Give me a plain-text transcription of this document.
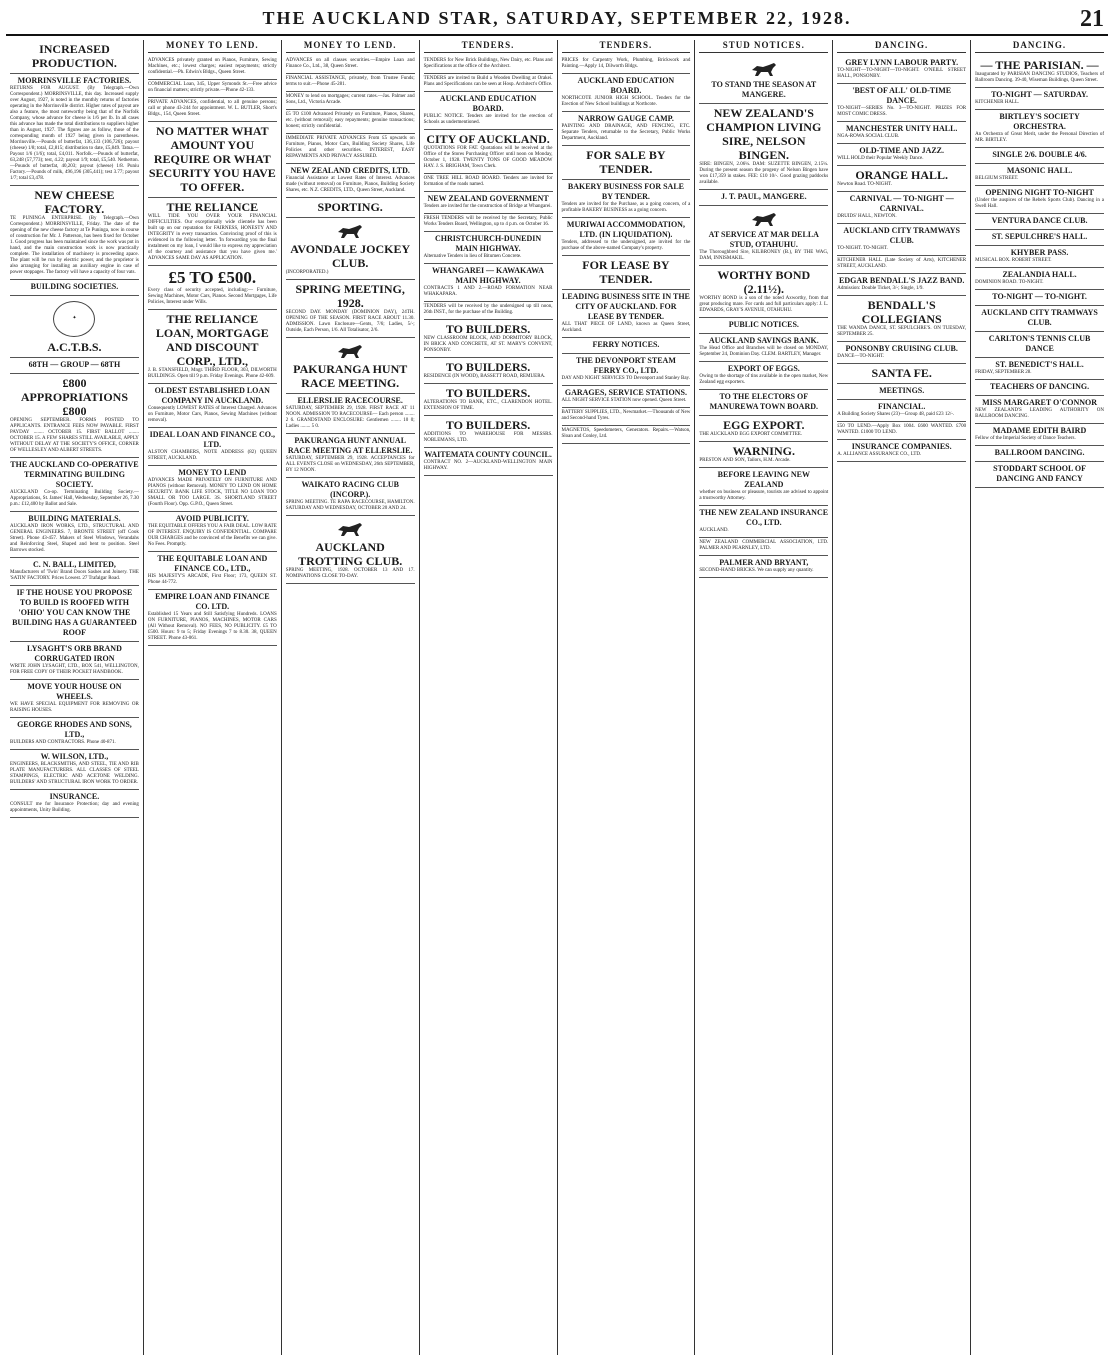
THE AUCKLAND STAR, SATURDAY, SEPTEMBER 22, 1928.	21
INCREASED PRODUCTION.
MORRINSVILLE FACTORIES.
RETURNS FOR AUGUST. (By Telegraph.—Own Correspondent.) MORRINSVILLE, this day. Increased supply over August, 1927, is noted in the monthly returns of factories operating in the Morrinsville district. Higher rates of payout are also a feature, the most noteworthy being that of the Norfolk Company, whose advance for cheese is 1/6 per lb. In all cases this advance has made the total distributions to suppliers higher than in August, 1927. The figures are as follow, those of the corresponding month of 1927 being given in parentheses. Morrinsville.—Pounds of butterfat, 136,133 (106,726); payout (cheese) 1/8; total, £2,815; distribution to date, £5,849. Tatua.—Payout 1/6 (1/6); total, £4,011. Norfolk.—Pounds of butterfat, 63,248 (57,773); test, 4.22; payout 1/9; total, £5,540. Netherton.—Pounds of butterfat, 40,203; payout (cheese) 1/8. Puniu Factory.—Pounds of milk, 496,196 (305,441); test 3.77; payout 1/7; total £3,478.
NEW CHEESE FACTORY.
TE PUNINGA ENTERPRISE. (By Telegraph.—Own Correspondent.) MORRINSVILLE, Friday. The date of the opening of the new cheese factory at Te Puninga, now in course of construction for Mr. J. Patterson, has been fixed for October 1. Good progress has been maintained since the work was put in hand, and the main construction work is now practically complete. The installation of machinery is proceeding apace. The plant will be run by electric power, and the proprietor is also arranging for installing an auxiliary engine in case of power stoppages. The factory will have a capacity of four vats.
BUILDING SOCIETIES.
✦
A.C.T.B.S.
68TH — GROUP — 68TH
£800 APPROPRIATIONS £800
OPENING SEPTEMBER. FORMS POSTED TO APPLICANTS. ENTRANCE FEES NOW PAYABLE. FIRST PAYDAY ........ OCTOBER 15. FIRST BALLOT ........ OCTOBER 15. A FEW SHARES STILL AVAILABLE, APPLY WITHOUT DELAY AT THE SOCIETY'S OFFICE, CORNER OF WELLESLEY AND ALBERT STREETS.
THE AUCKLAND CO-OPERATIVE TERMINATING BUILDING SOCIETY.
AUCKLAND Co-op. Terminating Building Society.—Appropriations, St. James' Hall, Wednesday, September 26, 7.30 p.m.: £12,400 by Ballot and Sale.
BUILDING MATERIALS.
AUCKLAND IRON WORKS, LTD., STRUCTURAL AND GENERAL ENGINEERS. 7, BRONTE STREET (off Cook Street). Phone 43-457. Makers of Steel Windows, Verandahs and Reinforcing Steel, Shaped and bent to position. Steel Barrows stocked.
C. N. BALL, LIMITED,
Manufacturers of 'Twin' Brand Doors Sashes and Joinery. THE 'SATIN' FACTORY. Prices Lowest. 27 Trafalgar Road.
IF THE HOUSE YOU PROPOSE TO BUILD IS ROOFED WITH 'OHIO' YOU CAN KNOW THE BUILDING HAS A GUARANTEED ROOF
LYSAGHT'S ORB BRAND CORRUGATED IRON
WRITE JOHN LYSAGHT, LTD., BOX 541, WELLINGTON, FOR FREE COPY OF THEIR POCKET HANDBOOK.
MOVE YOUR HOUSE ON WHEELS.
WE HAVE SPECIAL EQUIPMENT FOR REMOVING OR RAISING HOUSES.
GEORGE RHODES AND SONS, LTD.,
BUILDERS AND CONTRACTORS. Phone 40-871.
W. WILSON, LTD.,
ENGINEERS, BLACKSMITHS, AND STEEL, TIE AND RIB PLATE MANUFACTURERS. ALL CLASSES OF STEEL STAMPINGS, ELECTRIC AND ACETONE WELDING. BUILDERS' AND STRUCTURAL IRON WORK TO ORDER.
INSURANCE.
CONSULT me for Insurance Protection; day and evening appointments, Unity Building.
MONEY TO LEND.
ADVANCES privately granted on Pianos, Furniture, Sewing Machines, etc.; lowest charges; easiest repayments; strictly confidential.—Ph. Edwin's Bldgs., Queen Street.
COMMERCIAL Loan, 345, Upper Symonds St.—Free advice on financial matters; strictly private.—Phone 42-133.
PRIVATE ADVANCES, confidential, to all genuine persons; call or phone 43-244 for appointment. W. L. BUTLER, Short's Bldgs., 154, Queen Street.
NO MATTER WHAT AMOUNT YOU REQUIRE OR WHAT SECURITY YOU HAVE TO OFFER.
THE RELIANCE
WILL TIDE YOU OVER YOUR FINANCIAL DIFFICULTIES. Our exceptionally wide clientele has been built up on our reputation for FAIRNESS, HONESTY AND INTEGRITY in every transaction. Convincing proof of this is evidenced in the following letter. 'In forwarding you the final instalment on my loan, I would like to express my appreciation of the courtesy and assistance that you have given me.' ADVANCES SAME DAY AS APPLICATION.
£5 TO £500.
Every class of security accepted, including:— Furniture, Sewing Machines, Motor Cars, Pianos. Second Mortgages, Life Policies, Interest under Wills.
THE RELIANCE LOAN, MORTGAGE AND DISCOUNT CORP., LTD.,
J. B. STANSFIELD, Mngr. THIRD FLOOR, 303, DILWORTH BUILDINGS. Open till 9 p.m. Friday Evenings. Phone 42-609.
OLDEST ESTABLISHED LOAN COMPANY IN AUCKLAND.
Consequently LOWEST RATES of Interest Charged. Advances on Furniture, Motor Cars, Pianos, Sewing Machines (without removal).
IDEAL LOAN AND FINANCE CO., LTD.
ALSTON CHAMBERS, NOTE ADDRESS (82) QUEEN STREET, AUCKLAND.
MONEY TO LEND
ADVANCES MADE PRIVATELY ON FURNITURE AND PIANOS (without Removal). MONEY TO LEND ON HOME SECURITY. BANK LIFE STOCK, TITLE NO LOAN TOO SMALL OR TOO LARGE. 3S. SHORTLAND STREET (Fourth Floor). Opp. G.P.O., Queen Street.
AVOID PUBLICITY.
THE EQUITABLE OFFERS YOU A FAIR DEAL. LOW RATE OF INTEREST. ENQUIRY IS CONFIDENTIAL. COMPARE OUR CHARGES and be convinced of the Benefits we can give. No Fees. Promptly.
THE EQUITABLE LOAN AND FINANCE CO., LTD.,
HIS MAJESTY'S ARCADE, First Floor; 173, QUEEN ST. Phone 44-772.
EMPIRE LOAN AND FINANCE CO. LTD.
Established 15 Years and Still Satisfying Hundreds. LOANS ON FURNITURE, PIANOS, MACHINES, MOTOR CARS (All Without Removal). NO FEES, NO PUBLICITY. £5 TO £500. Hours: 9 to 5; Friday Evenings 7 to 8.30. 38, QUEEN STREET. Phone 43-061.
MONEY TO LEND.
ADVANCES on all classes securities.—Empire Loan and Finance Co., Ltd., 38, Queen Street.
FINANCIAL ASSISTANCE, privately, from Trustee Funds; terms to suit.—Phone 45-281.
MONEY to lend on mortgages; current rates.—Jas. Palmer and Sons, Ltd., Victoria Arcade.
£5 TO £100 Advanced Privately on Furniture, Pianos, Shares, etc. (without removal); easy repayments; genuine transactions; honest; strictly confidential.
IMMEDIATE PRIVATE ADVANCES From £5 upwards on Furniture, Pianos, Motor Cars, Building Society Shares, Life Policies and other securities. INTEREST, EASY REPAYMENTS AND PRIVACY ASSURED.
NEW ZEALAND CREDITS, LTD.
Financial Assistance at Lowest Rates of Interest. Advances made (without removal) on Furniture, Pianos, Building Society Shares, etc. N.Z. CREDITS, LTD., Queen Street, Auckland.
SPORTING.
AVONDALE JOCKEY CLUB.
(INCORPORATED.)
SPRING MEETING, 1928.
SECOND DAY. MONDAY (DOMINION DAY), 24TH. OPENING OF THE SEASON. FIRST RACE ABOUT 11.30. ADMISSION. Lawn Enclosure—Gents, 7/6; Ladies, 5/-; Outside, Each Person, 1/6. All Totalisator, 2/6.
PAKURANGA HUNT RACE MEETING.
ELLERSLIE RACECOURSE.
SATURDAY, SEPTEMBER 29, 1928. FIRST RACE AT 11 NOON. ADMISSION TO RACECOURSE— Each person ........ 2 6. GRANDSTAND ENCLOSURE: Gentlemen ........ 10 0; Ladies ........ 5 0.
PAKURANGA HUNT ANNUAL RACE MEETING AT ELLERSLIE.
SATURDAY, SEPTEMBER 29, 1928. ACCEPTANCES for ALL EVENTS CLOSE on WEDNESDAY, 26th SEPTEMBER, BY 12 NOON.
WAIKATO RACING CLUB (INCORP.).
SPRING MEETING. TE RAPA RACECOURSE, HAMILTON. SATURDAY AND WEDNESDAY, OCTOBER 20 AND 24.
AUCKLAND TROTTING CLUB.
SPRING MEETING, 1928. OCTOBER 13 AND 17. NOMINATIONS CLOSE TO-DAY.
TENDERS.
TENDERS for New Brick Buildings, New Dairy, etc. Plans and Specifications at the office of the Architect.
TENDERS are invited to Build a Wooden Dwelling at Orakei. Plans and Specifications can be seen at Hosp. Architect's Office.
AUCKLAND EDUCATION BOARD.
PUBLIC NOTICE. Tenders are invited for the erection of Schools as undermentioned.
CITY OF AUCKLAND.
QUOTATIONS FOR FAT. Quotations will be received at the Office of the Stores Purchasing Officer until noon on Monday, October 1, 1928. TWENTY TONS OF GOOD MEADOW HAY. J. S. BRIGHAM, Town Clerk.
ONE TREE HILL ROAD BOARD. Tenders are invited for formation of the roads named.
NEW ZEALAND GOVERNMENT
Tenders are invited for the construction of Bridge at Whangarei.
FRESH TENDERS will be received by the Secretary, Public Works Tenders Board, Wellington, up to 4 p.m. on October 16.
CHRISTCHURCH-DUNEDIN MAIN HIGHWAY.
Alternative Tenders in lieu of Bitumen Concrete.
WHANGAREI — KAWAKAWA MAIN HIGHWAY.
CONTRACTS 1 AND 2.—ROAD FORMATION NEAR WHAKAPARA.
TENDERS will be received by the undersigned up till noon, 26th INST., for the purchase of the Building.
TO BUILDERS.
NEW CLASSROOM BLOCK, AND DORMITORY BLOCK, IN BRICK AND CONCRETE, AT ST. MARY'S CONVENT, PONSONBY.
TO BUILDERS.
RESIDENCE (IN WOOD), BASSETT ROAD, REMUERA.
TO BUILDERS.
ALTERATIONS TO BANK, ETC., CLARENDON HOTEL. EXTENSION OF TIME.
TO BUILDERS.
ADDITIONS TO WAREHOUSE FOR MESSRS. NOBLEMANS, LTD.
WAITEMATA COUNTY COUNCIL.
CONTRACT NO. 2—AUCKLAND-WELLINGTON MAIN HIGHWAY.
TENDERS.
PRICES for Carpentry Work, Plumbing, Brickwork and Painting.—Apply 14, Dilworth Bldgs.
AUCKLAND EDUCATION BOARD.
NORTHCOTE JUNIOR HIGH SCHOOL. Tenders for the Erection of New School buildings at Northcote.
NARROW GAUGE CAMP.
PAINTING AND DRAINAGE, AND FENCING, ETC. Separate Tenders, returnable to the Secretary, Public Works Department, Auckland.
FOR SALE BY TENDER.
BAKERY BUSINESS FOR SALE BY TENDER.
Tenders are invited for the Purchase, as a going concern, of a profitable BAKERY BUSINESS as a going concern.
MURIWAI ACCOMMODATION, LTD. (IN LIQUIDATION).
Tenders, addressed to the undersigned, are invited for the purchase of the above-named Company's property.
FOR LEASE BY TENDER.
LEADING BUSINESS SITE IN THE CITY OF AUCKLAND. FOR LEASE BY TENDER.
ALL THAT PIECE OF LAND, known as Queen Street, Auckland.
FERRY NOTICES.
THE DEVONPORT STEAM FERRY CO., LTD.
DAY AND NIGHT SERVICES TO Devonport and Stanley Bay.
GARAGES, SERVICE STATIONS.
ALL NIGHT SERVICE STATION now opened. Queen Street.
BATTERY SUPPLIES, LTD., Newmarket.—Thousands of New and Second-hand Tyres.
MAGNETOS, Speedometers, Generators. Repairs.—Watson, Sloan and Conley, Ltd.
STUD NOTICES.
TO STAND THE SEASON AT MANGERE.
NEW ZEALAND'S CHAMPION LIVING SIRE, NELSON BINGEN.
SIRE: BINGEN, 2.06¼. DAM: SUZETTE BINGEN, 2.15¼. During the present season the progeny of Nelson Bingen have won £17,359 in stakes. FEE: £10 10/-. Good grazing paddocks available.
J. T. PAUL, MANGERE.
AT SERVICE AT MAR DELLA STUD, OTAHUHU.
The Thoroughbred Sire, KILBRONEY (B.), BY THE WAG, DAM, INNISMAKIL.
WORTHY BOND (2.11½).
WORTHY BOND is a son of the noted Axworthy, from that great producing mare. For cards and full particulars apply: J. L. EDWARDS, GRAY'S AVENUE, OTAHUHU.
PUBLIC NOTICES.
AUCKLAND SAVINGS BANK.
The Head Office and Branches will be closed on MONDAY, September 24, Dominion Day. CLEM. BARTLEY, Manager.
EXPORT OF EGGS.
Owing to the shortage of tins available in the open market, New Zealand egg exporters.
TO THE ELECTORS OF MANUREWA TOWN BOARD.
EGG EXPORT.
THE AUCKLAND EGG EXPORT COMMITTEE.
WARNING.
PRESTON AND SON, Tailors, H.M. Arcade.
BEFORE LEAVING NEW ZEALAND
whether on business or pleasure, tourists are advised to appoint a trustworthy Attorney.
THE NEW ZEALAND INSURANCE CO., LTD.
AUCKLAND.
NEW ZEALAND COMMERCIAL ASSOCIATION, LTD. PALMER AND PEARNLEY, LTD.
PALMER AND BRYANT,
SECOND-HAND BRICKS. We can supply any quantity.
DANCING.
GREY LYNN LABOUR PARTY.
TO-NIGHT—TO-NIGHT—TO-NIGHT. O'NEILL STREET HALL, PONSONBY.
'BEST OF ALL' OLD-TIME DANCE.
TO-NIGHT—SERIES No. 3—TO-NIGHT. PRIZES FOR MOST COMIC DRESS.
MANCHESTER UNITY HALL.
NGA-ROWA SOCIAL CLUB.
OLD-TIME AND JAZZ.
WILL HOLD their Popular Weekly Dance.
ORANGE HALL.
Newton Road. TO-NIGHT.
CARNIVAL — TO-NIGHT — CARNIVAL.
DRUIDS' HALL, NEWTON.
AUCKLAND CITY TRAMWAYS CLUB.
TO-NIGHT. TO-NIGHT.
KITCHENER HALL (Late Society of Arts), KITCHENER STREET, AUCKLAND.
EDGAR BENDALL'S JAZZ BAND.
Admission: Double Ticket, 3/-; Single, 1/9.
BENDALL'S COLLEGIANS
THE WANDA DANCE, ST. SEPULCHRE'S. ON TUESDAY, SEPTEMBER 25.
PONSONBY CRUISING CLUB.
DANCE—TO-NIGHT.
SANTA FE.
MEETINGS.
FINANCIAL.
A Building Society Shares (23)—Group 48, paid £23 12/-.
£50 TO LEND.—Apply Box 1004. £600 WANTED. £700 WANTED. £1000 TO LEND.
INSURANCE COMPANIES.
A. ALLIANCE ASSURANCE CO., LTD.
DANCING.
— THE PARISIAN. —
Inaugurated by PARISIAN DANCING STUDIOS, Teachers of Ballroom Dancing. 39-40, Wiseman Buildings, Queen Street.
TO-NIGHT — SATURDAY.
KITCHENER HALL.
BIRTLEY'S SOCIETY ORCHESTRA.
An Orchestra of Great Merit, under the Personal Direction of MR. BIRTLEY.
SINGLE 2/6. DOUBLE 4/6.
MASONIC HALL.
BELGIUM STREET.
OPENING NIGHT TO-NIGHT
(Under the auspices of the Rebels Sports Club). Dancing in a Swell Hall.
VENTURA DANCE CLUB.
ST. SEPULCHRE'S HALL.
KHYBER PASS.
MUSICAL BOX. ROBERT STREET.
ZEALANDIA HALL.
DOMINION ROAD. TO-NIGHT.
TO-NIGHT — TO-NIGHT.
AUCKLAND CITY TRAMWAYS CLUB.
CARLTON'S TENNIS CLUB DANCE
ST. BENEDICT'S HALL.
FRIDAY, SEPTEMBER 28.
TEACHERS OF DANCING.
MISS MARGARET O'CONNOR
NEW ZEALAND'S LEADING AUTHORITY ON BALLROOM DANCING.
MADAME EDITH BAIRD
Fellow of the Imperial Society of Dance Teachers.
BALLROOM DANCING.
STODDART SCHOOL OF DANCING AND FANCY
